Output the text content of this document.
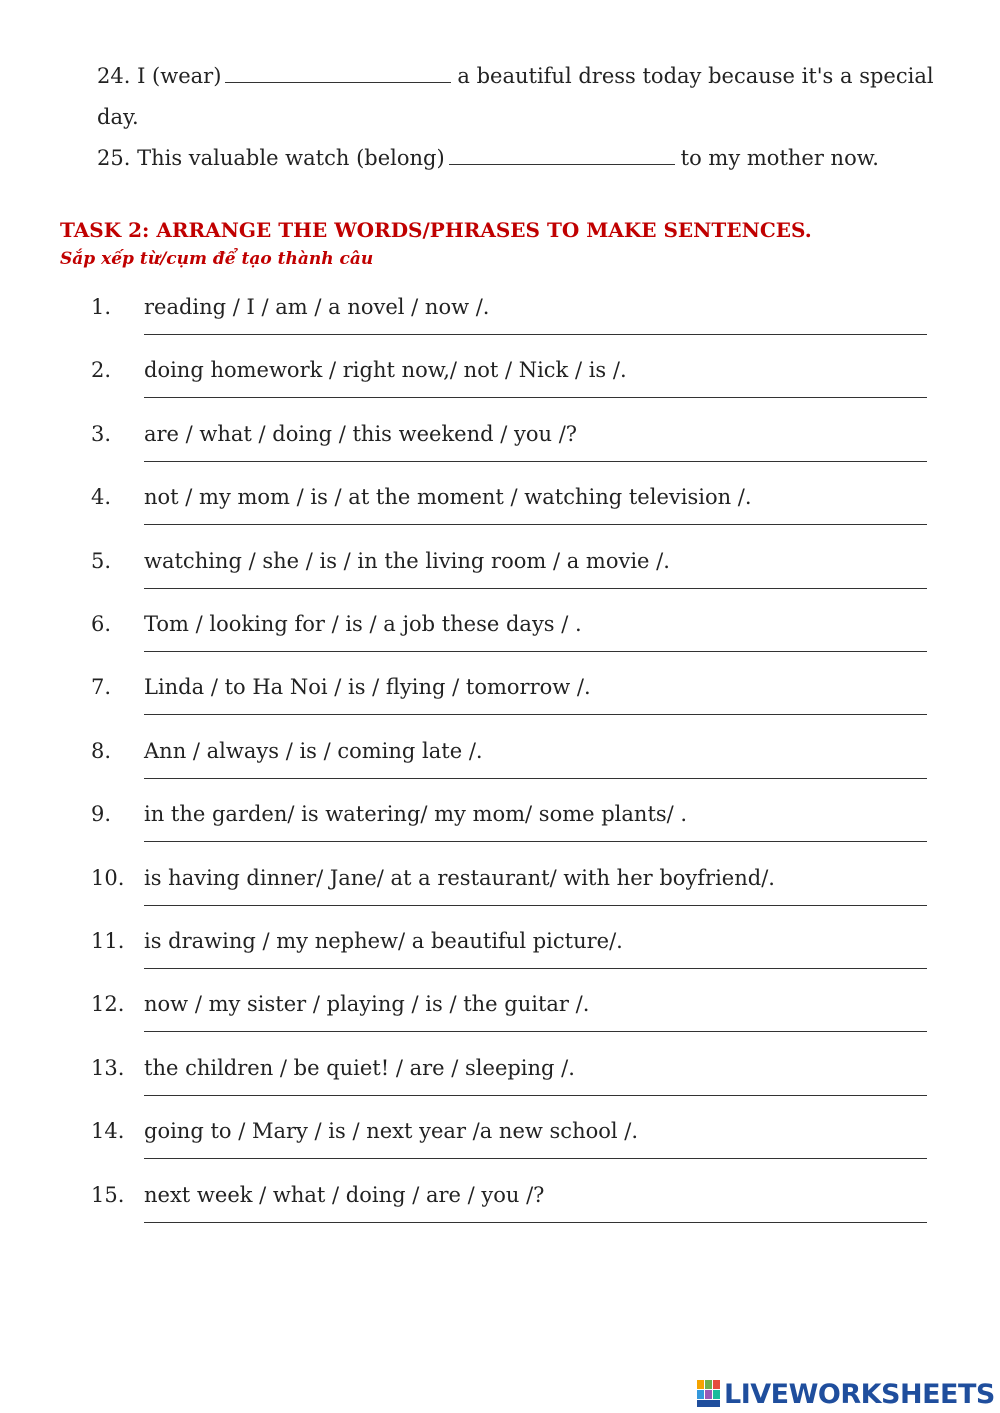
24. I (wear)	a beautiful dress today because it's a special
day.
25. This valuable watch (belong)	to my mother now.
TASK 2: ARRANGE THE WORDS/PHRASES TO MAKE SENTENCES.
Sắp xếp từ/cụm để tạo thành câu
1. reading / I / am / a novel / now /.
2. doing homework / right now,/ not / Nick / is /.
3. are / what / doing / this weekend / you /?
4. not / my mom / is / at the moment / watching television /.
5. watching / she / is / in the living room / a movie /.
6. Tom / looking for / is / a job these days / .
7. Linda / to Ha Noi / is / flying / tomorrow /.
8. Ann / always / is / coming late /.
9. in the garden/ is watering/ my mom/ some plants/ .
10. is having dinner/ Jane/ at a restaurant/ with her boyfriend/.
11. is drawing / my nephew/ a beautiful picture/.
12. now / my sister / playing / is / the guitar /.
13. the children / be quiet! / are / sleeping /.
14. going to / Mary / is / next year /a new school /.
15. next week / what / doing / are / you /?
LIVEWORKSHEETS
